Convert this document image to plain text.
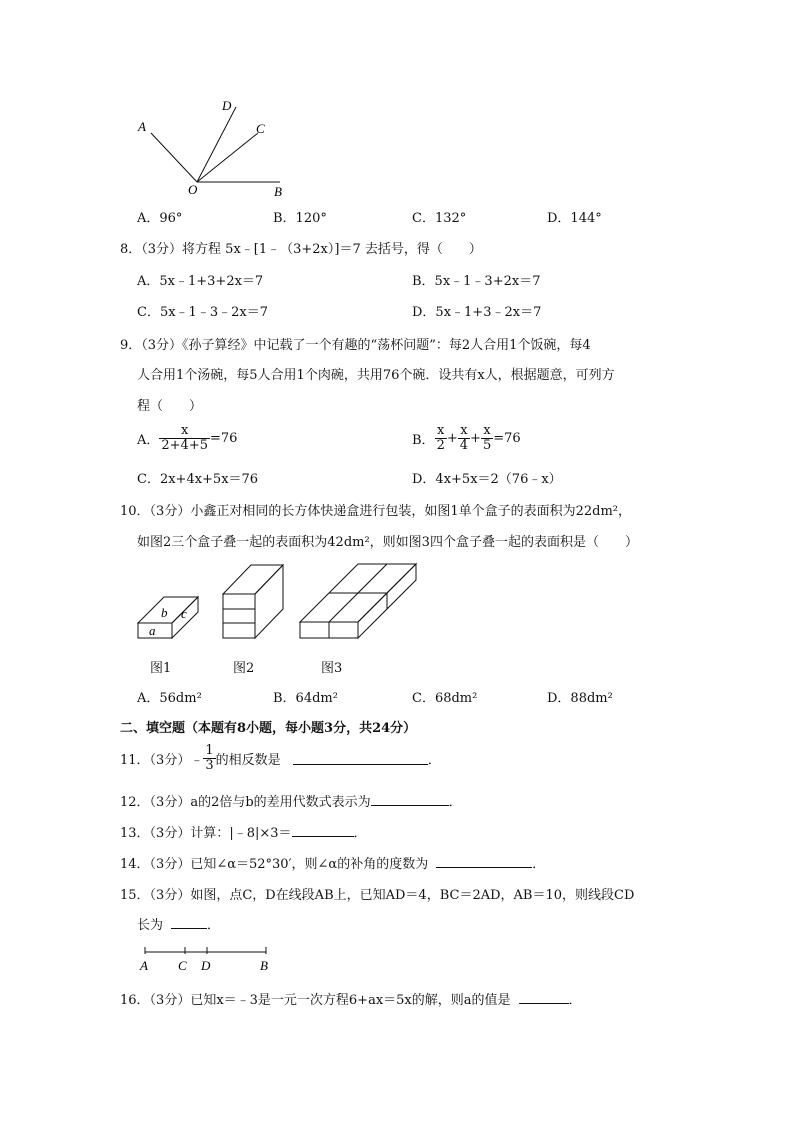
A
D
C
O	B
A．96°	B．120°	C．132°	D．144°
8．（3分）将方程 5x﹣[1﹣（3+2x）]＝7 去括号，得（　　）
A．5x﹣1+3+2x＝7	B．5x﹣1﹣3+2x＝7
C．5x﹣1﹣3﹣2x＝7	D．5x﹣1+3﹣2x＝7
9．（3分）《孙子算经》中记载了一个有趣的“荡杯问题”：每2人合用1个饭碗，每4
人合用1个汤碗，每5人合用1个肉碗，共用76个碗．设共有x人，根据题意，可列方
程（　　）
A． $\frac{x}{2+4+5} =76$	B． $\frac{x}{2} + \frac{x}{4} + \frac{x}{5} =76$
C．2x+4x+5x＝76	D．4x+5x＝2（76﹣x）
10．（3分）小鑫正对相同的长方体快递盒进行包装，如图1单个盒子的表面积为22dm²，
如图2三个盒子叠一起的表面积为42dm²，则如图3四个盒子叠一起的表面积是（　　）
b c
a
图1	图2	图3
A．56dm²	B．64dm²	C．68dm²	D．88dm²
二、填空题（本题有8小题，每小题3分，共24分）
11．（3分）﹣ $\frac{1}{3}$ 的相反数是	．
12．（3分）a的2倍与b的差用代数式表示为	．
13．（3分）计算：|﹣8|×3＝	．
14．（3分）已知∠α＝52°30′，则∠α的补角的度数为	．
15．（3分）如图，点C，D在线段AB上，已知AD＝4，BC＝2AD，AB＝10，则线段CD
长为	．
A C D	B
16．（3分）已知x＝﹣3是一元一次方程6+ax＝5x的解，则a的值是	．
